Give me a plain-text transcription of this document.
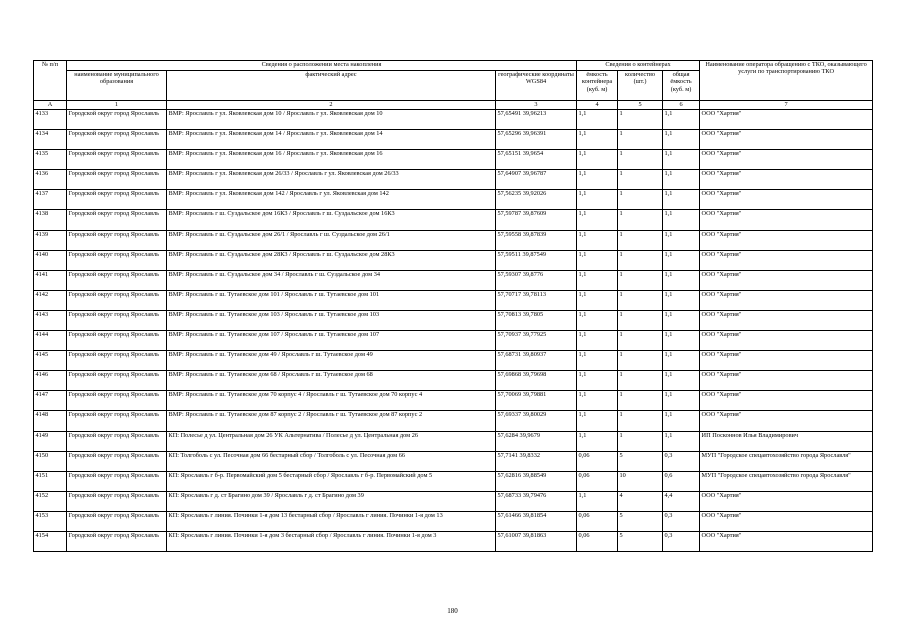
№ п/п	Сведения о расположении места накопления			Сведения о контейнерах			Наименование оператора обращению с ТКО, оказывающего услуги по транспортированию ТКО
	наименование муниципального образования	фактический адрес	географические координаты WGS84	ёмкость контейнера (куб. м)	количество (шт.)	общая ёмкость (куб. м)	
А	1	2	3	4	5	6	7
4133	Городской округ город Ярославль	ВМР: Ярославль г ул. Яковлевская дом 10 / Ярославль г ул. Яковлевская дом 10	57,65491 39,96213	1,1	1	1,1	ООО "Хартия"
4134	Городской округ город Ярославль	ВМР: Ярославль г ул. Яковлевская дом 14 / Ярославль г ул. Яковлевская дом 14	57,65296 39,96391	1,1	1	1,1	ООО "Хартия"
4135	Городской округ город Ярославль	ВМР: Ярославль г ул. Яковлевская дом 16 / Ярославль г ул. Яковлевская дом 16	57,65151 39,9654	1,1	1	1,1	ООО "Хартия"
4136	Городской округ город Ярославль	ВМР: Ярославль г ул. Яковлевская дом 26/33 / Ярославль г ул. Яковлевская дом 26/33	57,64907 39,96787	1,1	1	1,1	ООО "Хартия"
4137	Городской округ город Ярославль	ВМР: Ярославль г ул. Яковлевская дом 142 / Ярославль г ул. Яковлевская дом 142	57,56235 39,92026	1,1	1	1,1	ООО "Хартия"
4138	Городской округ город Ярославль	ВМР: Ярославль г ш. Суздальское дом 16К3 / Ярославль г ш. Суздальское дом 16К3	57,59787 39,87609	1,1	1	1,1	ООО "Хартия"
4139	Городской округ город Ярославль	ВМР: Ярославль г ш. Суздальское дом 26/1 / Ярославль г ш. Суздальское дом 26/1	57,59558 39,87839	1,1	1	1,1	ООО "Хартия"
4140	Городской округ город Ярославль	ВМР: Ярославль г ш. Суздальское дом 28К3 / Ярославль г ш. Суздальское дом 28К3	57,59511 39,87549	1,1	1	1,1	ООО "Хартия"
4141	Городской округ город Ярославль	ВМР: Ярославль г ш. Суздальское дом 34 / Ярославль г ш. Суздальское дом 34	57,59307 39,8776	1,1	1	1,1	ООО "Хартия"
4142	Городской округ город Ярославль	ВМР: Ярославль г ш. Тутаевское дом 101 / Ярославль г ш. Тутаевское дом 101	57,70717 39,78113	1,1	1	1,1	ООО "Хартия"
4143	Городской округ город Ярославль	ВМР: Ярославль г ш. Тутаевское дом 103 / Ярославль г ш. Тутаевское дом 103	57,70813 39,7805	1,1	1	1,1	ООО "Хартия"
4144	Городской округ город Ярославль	ВМР: Ярославль г ш. Тутаевское дом 107 / Ярославль г ш. Тутаевское дом 107	57,70937 39,77925	1,1	1	1,1	ООО "Хартия"
4145	Городской округ город Ярославль	ВМР: Ярославль г ш. Тутаевское дом 49 / Ярославль г ш. Тутаевское дом 49	57,68731 39,80937	1,1	1	1,1	ООО "Хартия"
4146	Городской округ город Ярославль	ВМР: Ярославль г ш. Тутаевское дом 68 / Ярославль г ш. Тутаевское дом 68	57,69868 39,79698	1,1	1	1,1	ООО "Хартия"
4147	Городской округ город Ярославль	ВМР: Ярославль г ш. Тутаевское дом 70 корпус 4 / Ярославль г ш. Тутаевское дом 70 корпус 4	57,70069 39,79881	1,1	1	1,1	ООО "Хартия"
4148	Городской округ город Ярославль	ВМР: Ярославль г ш. Тутаевское дом 87 корпус 2 / Ярославль г ш. Тутаевское дом 87 корпус 2	57,69337 39,80029	1,1	1	1,1	ООО "Хартия"
4149	Городской округ город Ярославль	КП: Полесье д ул. Центральная дом 26 УК Альтернатива / Полесье д ул. Центральная дом 26	57,6284 39,9679	1,1	1	1,1	ИП Посконнов Илья Владимирович
4150	Городской округ город Ярославль	КП: Толгоболь с ул. Песочная дом 66 бестарный сбор / Толгоболь с ул. Песочная дом 66	57,7141 39,8332	0,06	5	0,3	МУП "Городское спецавтохозяйство города Ярославля"
4151	Городской округ город Ярославль	КП: Ярославль г б-р. Первомайский дом 5 бестарный сбор / Ярославль г б-р. Первомайский дом 5	57,62816 39,88549	0,06	10	0,6	МУП "Городское спецавтохозяйство города Ярославля"
4152	Городской округ город Ярославль	КП: Ярославль г д. ст Брагино дом 39 / Ярославль г д. ст Брагино дом 39	57,68733 39,79476	1,1	4	4,4	ООО "Хартия"
4153	Городской округ город Ярославль	КП: Ярославль г линия. Починки 1-я дом 13 бестарный сбор / Ярославль г линия. Починки 1-я дом 13	57,61466 39,81854	0,06	5	0,3	ООО "Хартия"
4154	Городской округ город Ярославль	КП: Ярославль г линия. Починки 1-я дом 3 бестарный сбор / Ярославль г линия. Починки 1-я дом 3	57,61007 39,81863	0,06	5	0,3	ООО "Хартия"
180
